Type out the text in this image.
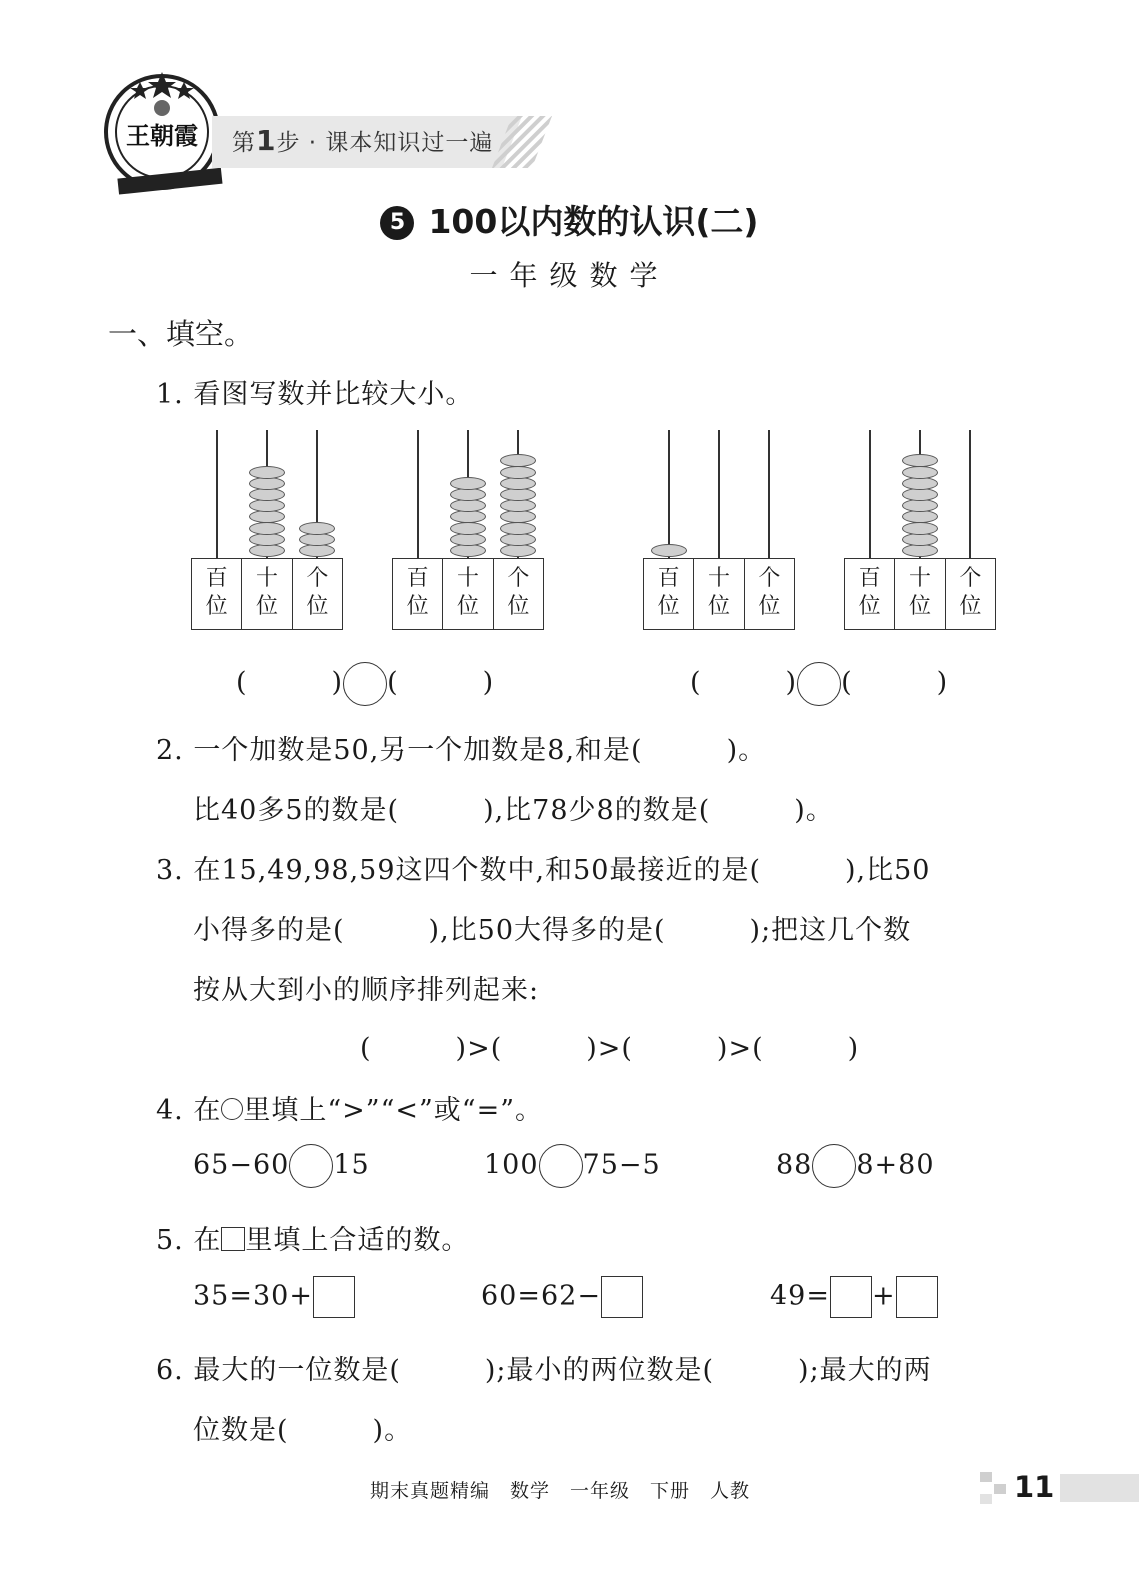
王朝霞 第1步 · 课本知识过一遍
5 100以内数的认识(二)
一年级数学
一、填空。
1. 看图写数并比较大小。
百
位
十
位
个
位
百
位
十
位
个
位
百
位
十
位
个
位
百
位
十
位
个
位
(　　　) (　　　)	(　　　) (　　　)
2. 一个加数是50,另一个加数是8,和是(　　　)。
比40多5的数是(　　　),比78少8的数是(　　　)。
3. 在15,49,98,59这四个数中,和50最接近的是(　　　),比50
小得多的是(　　　),比50大得多的是(　　　);把这几个数
按从大到小的顺序排列起来:
(　　　)>(　　　)>(　　　)>(　　　)
4. 在 里填上“>”“<”或“=”。
65−60 15	100 75−5	88 8+80
5. 在 里填上合适的数。
35=30+	60=62−	49= +
6. 最大的一位数是(　　　);最小的两位数是(　　　);最大的两
位数是(　　　)。
期末真题精编　数学　一年级　下册　人教	11
